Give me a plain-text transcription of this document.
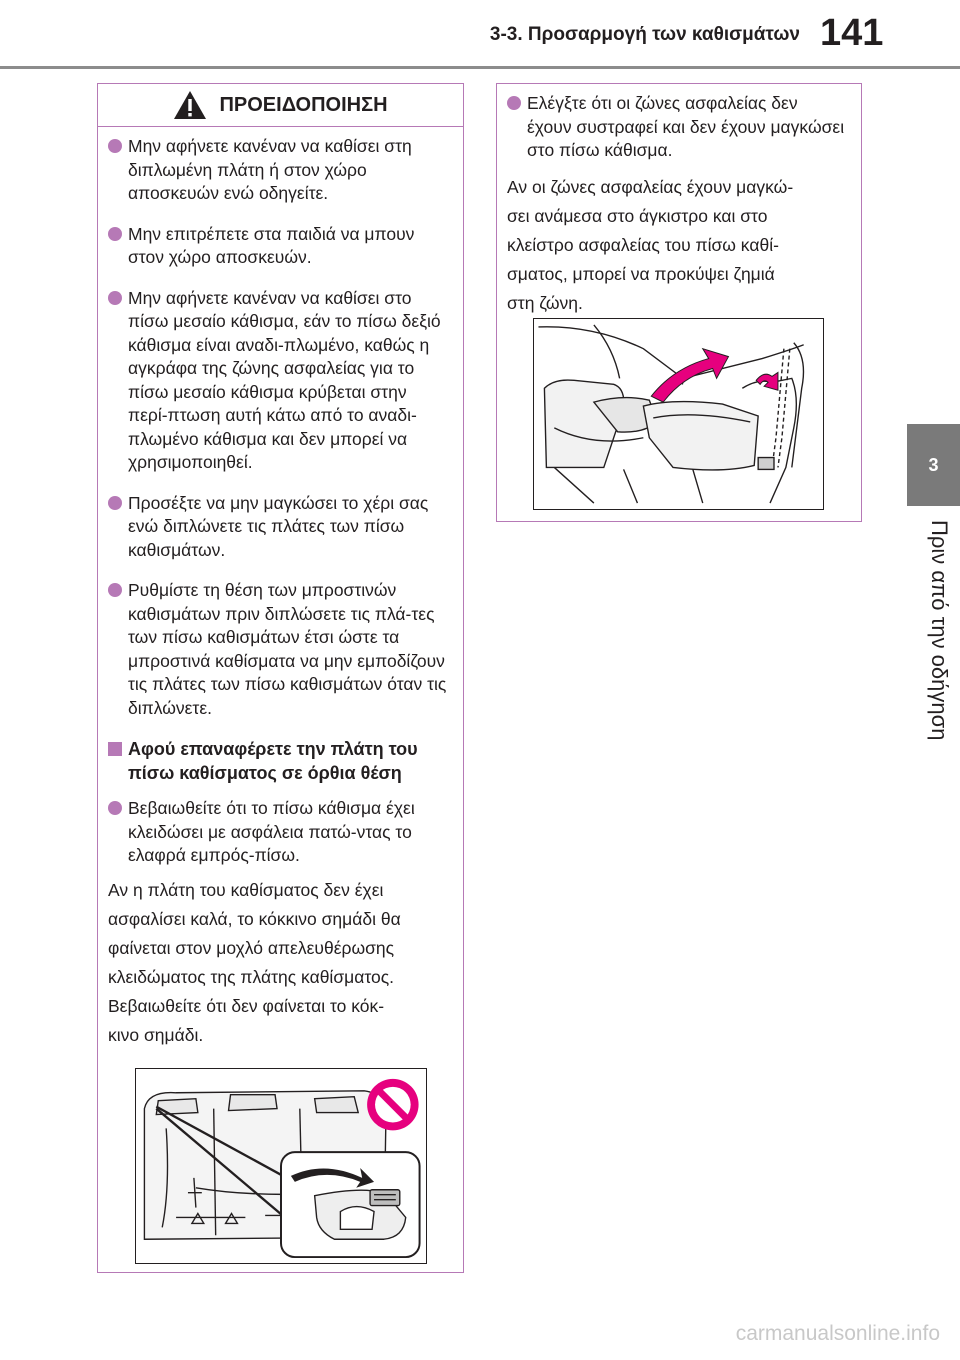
3-3. Προσαρμογή των καθισμάτων 141
3
Πριν από την οδήγηση
ΠΡΟΕΙΔΟΠΟΙΗΣΗ
Μην αφήνετε κανέναν να καθίσει στη διπλωμένη πλάτη ή στον χώρο αποσκευών ενώ οδηγείτε.
Μην επιτρέπετε στα παιδιά να μπουν στον χώρο αποσκευών.
Μην αφήνετε κανέναν να καθίσει στο πίσω μεσαίο κάθισμα, εάν το πίσω δεξιό κάθισμα είναι αναδι-πλωμένο, καθώς η αγκράφα της ζώνης ασφαλείας για το πίσω μεσαίο κάθισμα κρύβεται στην περί-πτωση αυτή κάτω από το αναδι-πλωμένο κάθισμα και δεν μπορεί να χρησιμοποιηθεί.
Προσέξτε να μην μαγκώσει το χέρι σας ενώ διπλώνετε τις πλάτες των πίσω καθισμάτων.
Ρυθμίστε τη θέση των μπροστινών καθισμάτων πριν διπλώσετε τις πλά-τες των πίσω καθισμάτων έτσι ώστε τα μπροστινά καθίσματα να μην εμποδίζουν τις πλάτες των πίσω καθισμάτων όταν τις διπλώνετε.
Αφού επαναφέρετε την πλάτη του πίσω καθίσματος σε όρθια θέση
Βεβαιωθείτε ότι το πίσω κάθισμα έχει κλειδώσει με ασφάλεια πατώ-ντας το ελαφρά εμπρός-πίσω.

Αν η πλάτη του καθίσματος δεν έχει

ασφαλίσει καλά, το κόκκινο σημάδι θα

φαίνεται στον μοχλό απελευθέρωσης

κλειδώματος της πλάτης καθίσματος.

Βεβαιωθείτε ότι δεν φαίνεται το κόκ-

κινο σημάδι.

Ελέγξτε ότι οι ζώνες ασφαλείας δεν έχουν συστραφεί και δεν έχουν μαγκώσει στο πίσω κάθισμα.

Αν οι ζώνες ασφαλείας έχουν μαγκώ-

σει ανάμεσα στο άγκιστρο και στο

κλείστρο ασφαλείας του πίσω καθί-

σματος, μπορεί να προκύψει ζημιά

στη ζώνη.

carmanualsonline.info
